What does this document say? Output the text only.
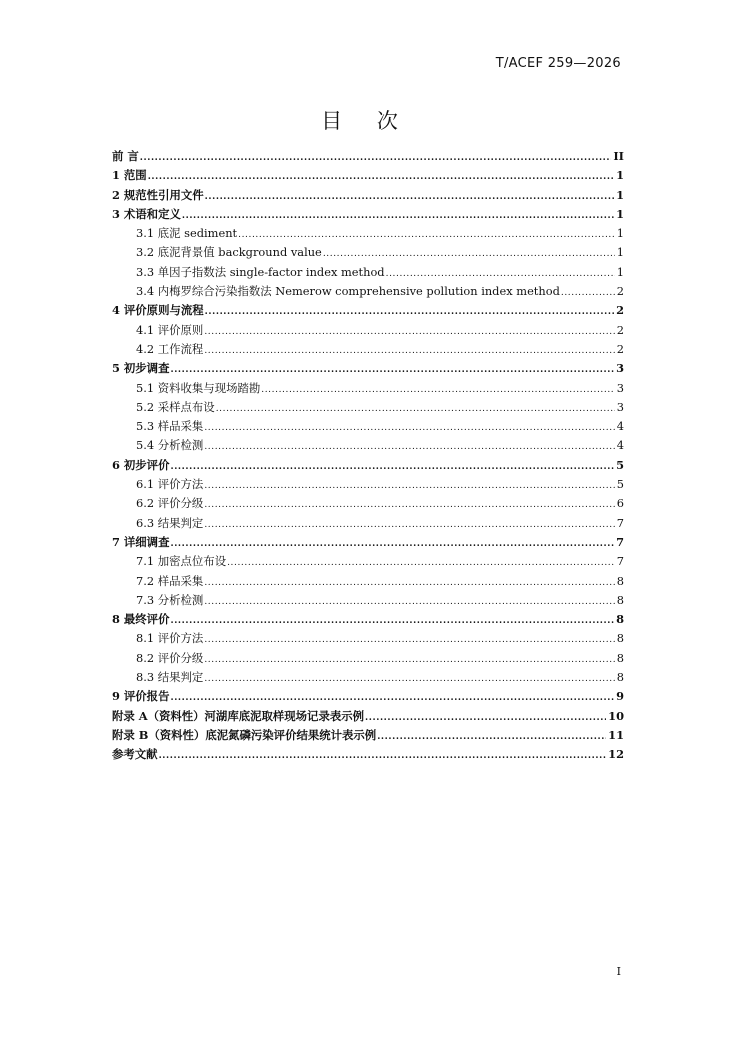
T/ACEF 259—2026
目 次
前 言 .....	II
1 范围 .....	1
2 规范性引用文件 .....	1
3 术语和定义 .....	1
3.1 底泥 sediment .....	1
3.2 底泥背景值 background value .....	1
3.3 单因子指数法 single-factor index method .....	1
3.4 内梅罗综合污染指数法 Nemerow comprehensive pollution index method .....	2
4 评价原则与流程 .....	2
4.1 评价原则 .....	2
4.2 工作流程 .....	2
5 初步调查 .....	3
5.1 资料收集与现场踏勘 .....	3
5.2 采样点布设 .....	3
5.3 样品采集 .....	4
5.4 分析检测 .....	4
6 初步评价 .....	5
6.1 评价方法 .....	5
6.2 评价分级 .....	6
6.3 结果判定 .....	7
7 详细调查 .....	7
7.1 加密点位布设 .....	7
7.2 样品采集 .....	8
7.3 分析检测 .....	8
8 最终评价 .....	8
8.1 评价方法 .....	8
8.2 评价分级 .....	8
8.3 结果判定 .....	8
9 评价报告 .....	9
附录 A（资料性）河湖库底泥取样现场记录表示例 .....	10
附录 B（资料性）底泥氮磷污染评价结果统计表示例 .....	11
参考文献 .....	12
I
